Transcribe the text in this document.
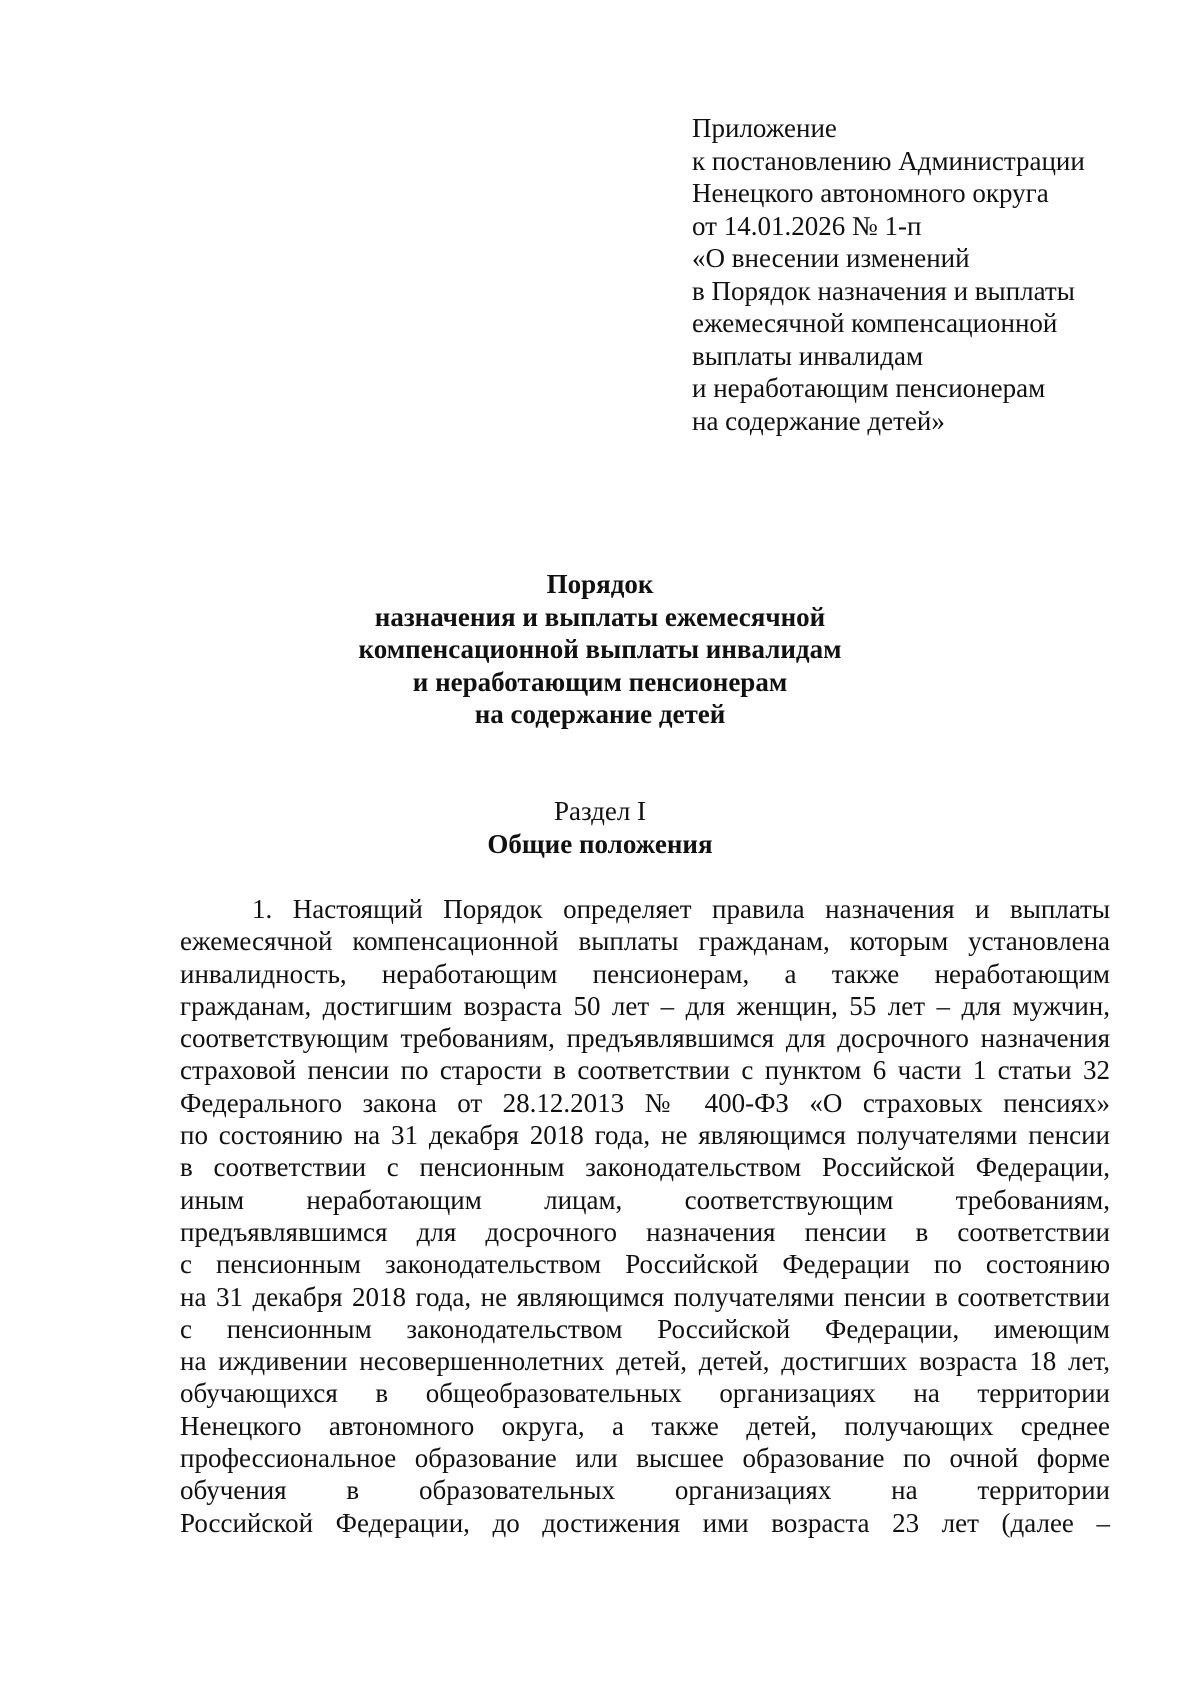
Приложение
к постановлению Администрации
Ненецкого автономного округа
от 14.01.2026 № 1-п
«О внесении изменений
в Порядок назначения и выплаты
ежемесячной компенсационной
выплаты инвалидам
и неработающим пенсионерам
на содержание детей»
Порядок
назначения и выплаты ежемесячной
компенсационной выплаты инвалидам
и неработающим пенсионерам
на содержание детей
Раздел I
Общие положения
1. Настоящий Порядок определяет правила назначения и выплаты
ежемесячной компенсационной выплаты гражданам, которым установлена
инвалидность, неработающим пенсионерам, а также неработающим
гражданам, достигшим возраста 50 лет – для женщин, 55 лет – для мужчин,
соответствующим требованиям, предъявлявшимся для досрочного назначения
страховой пенсии по старости в соответствии с пунктом 6 части 1 статьи 32
Федерального закона от 28.12.2013 № 400-ФЗ «О страховых пенсиях»
по состоянию на 31 декабря 2018 года, не являющимся получателями пенсии
в соответствии с пенсионным законодательством Российской Федерации,
иным неработающим лицам, соответствующим требованиям,
предъявлявшимся для досрочного назначения пенсии в соответствии
с пенсионным законодательством Российской Федерации по состоянию
на 31 декабря 2018 года, не являющимся получателями пенсии в соответствии
с пенсионным законодательством Российской Федерации, имеющим
на иждивении несовершеннолетних детей, детей, достигших возраста 18 лет,
обучающихся в общеобразовательных организациях на территории
Ненецкого автономного округа, а также детей, получающих среднее
профессиональное образование или высшее образование по очной форме
обучения в образовательных организациях на территории
Российской Федерации, до достижения ими возраста 23 лет (далее –
